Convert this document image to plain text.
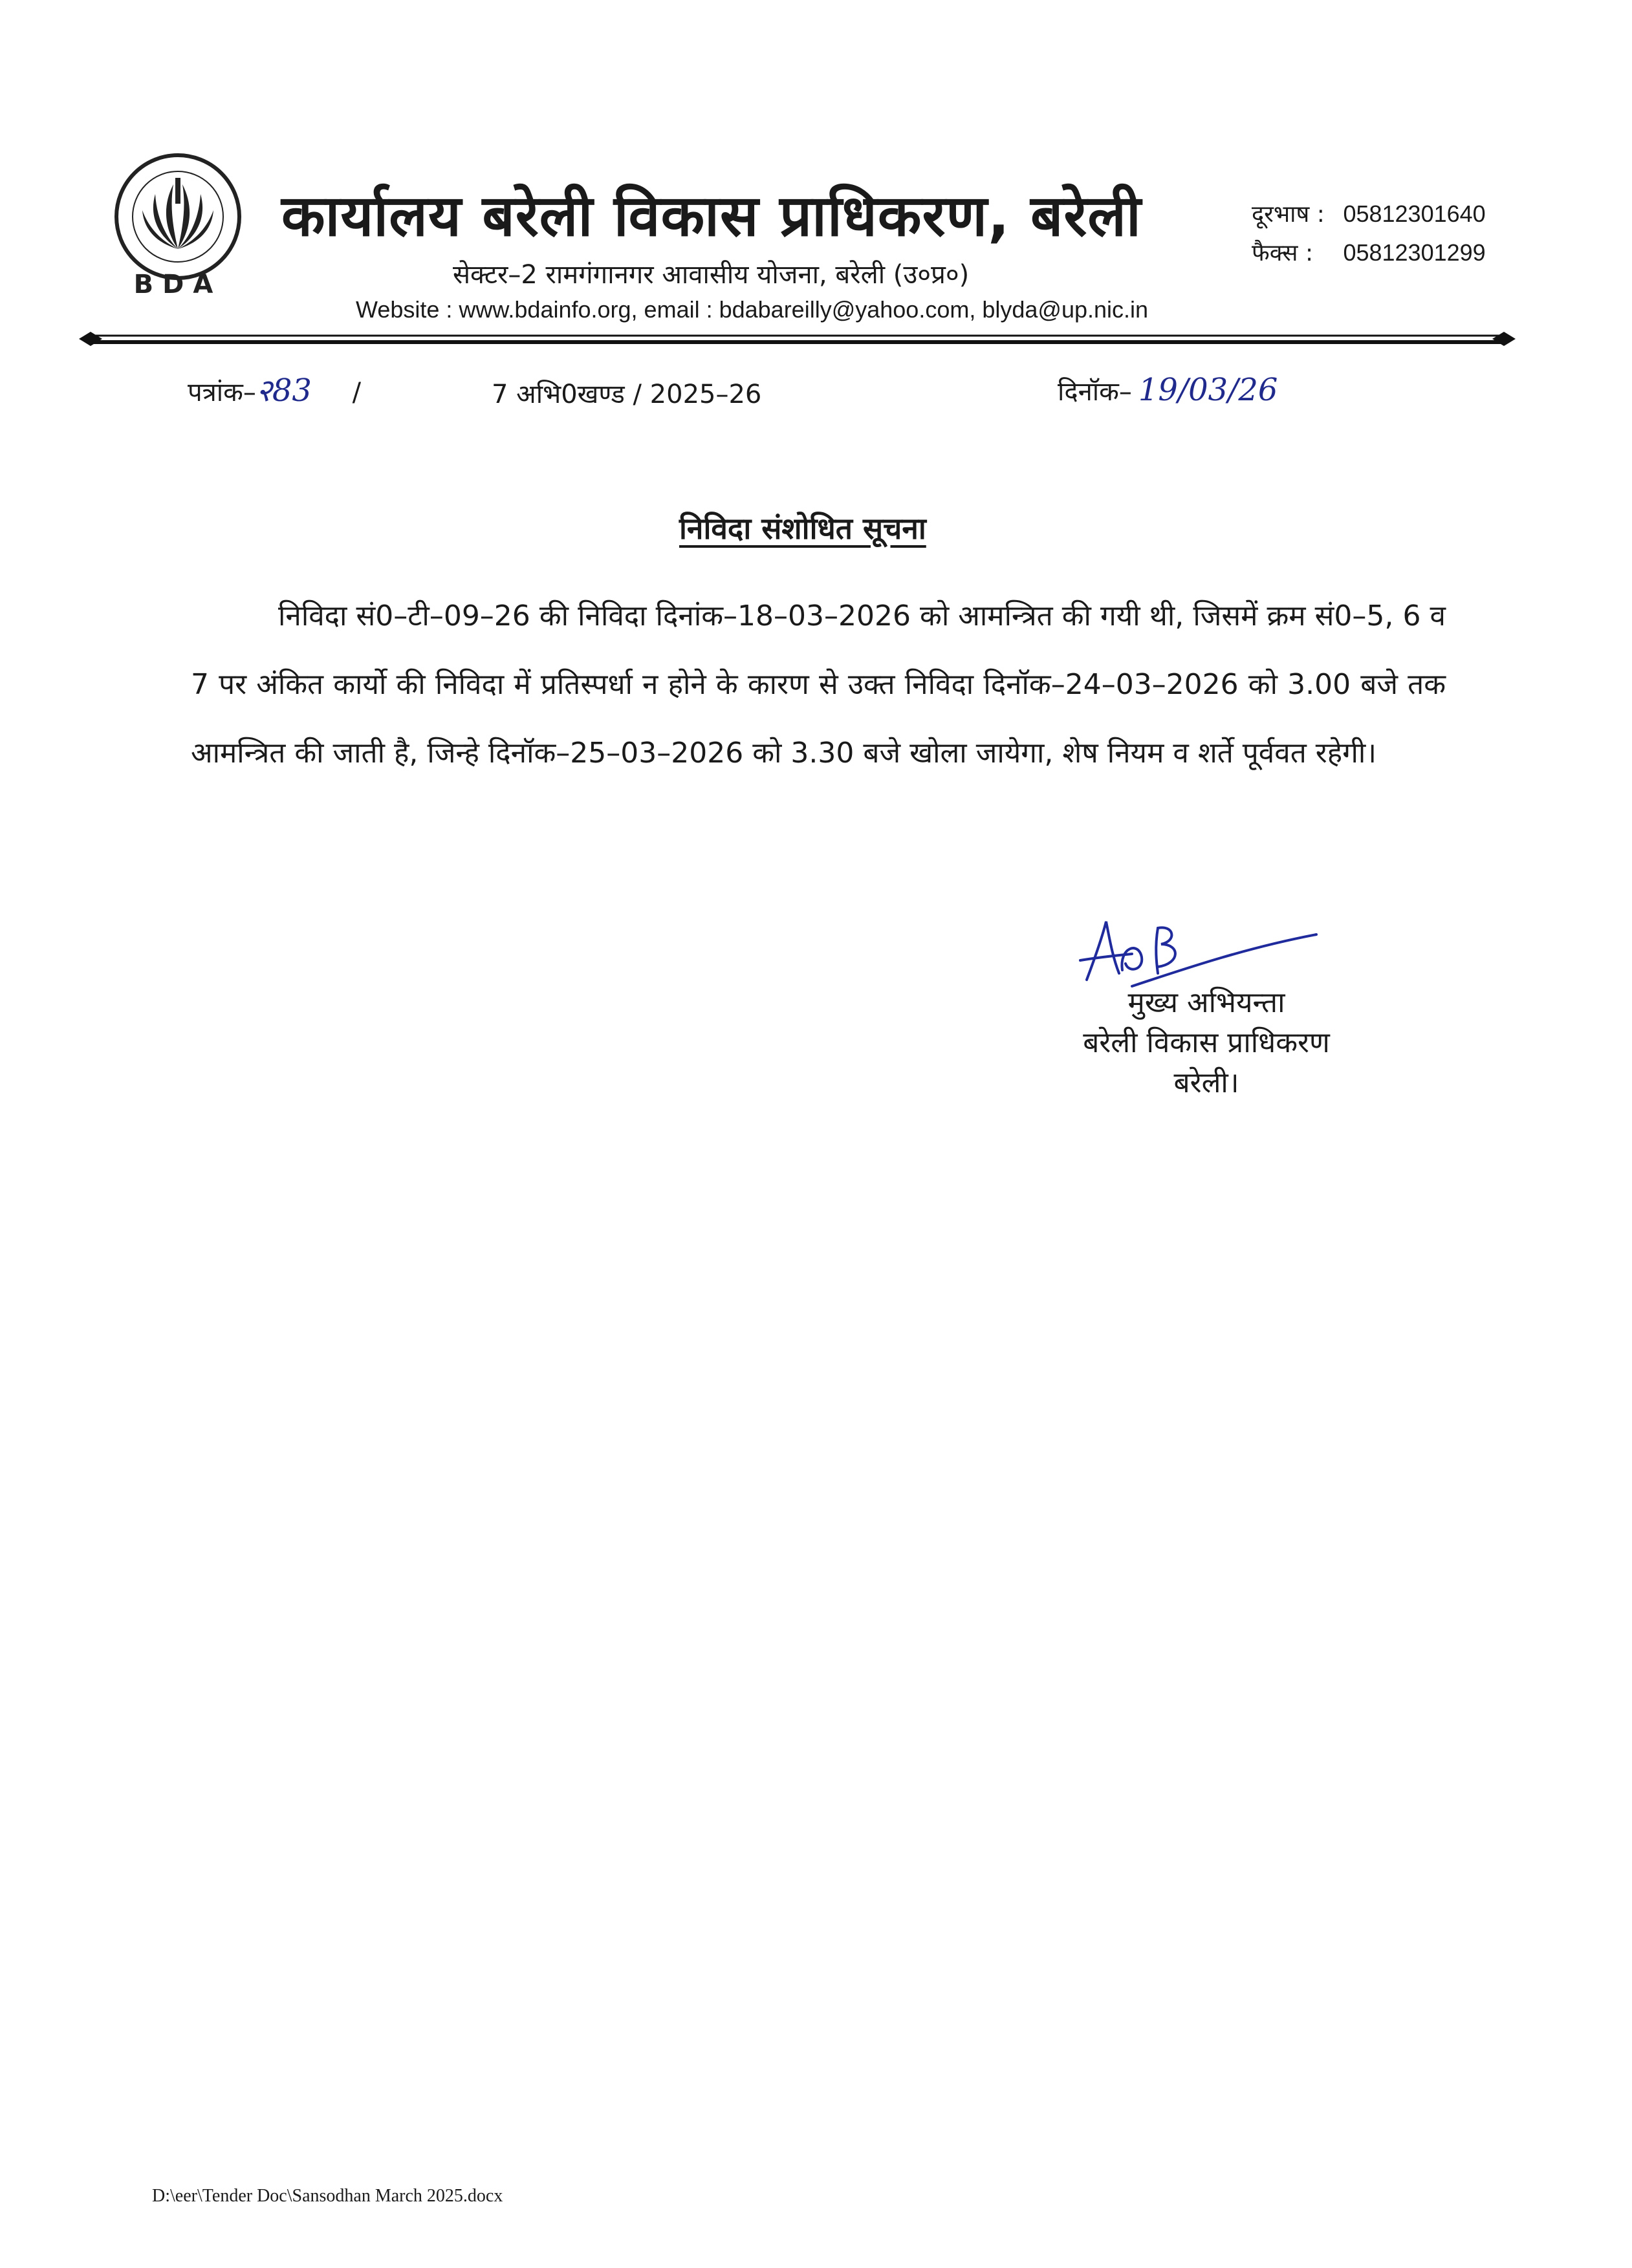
BDA
कार्यालय बरेली विकास प्राधिकरण, बरेली
सेक्टर–2 रामगंगानगर आवासीय योजना, बरेली (उ०प्र०)
Website : www.bdainfo.org, email : bdabareilly@yahoo.com, blyda@up.nic.in
दूरभाष : 05812301640
फैक्स : 05812301299
पत्रांक–२83 /	7 अभि0खण्ड / 2025–26	दिनॉक– 19/03/26
निविदा संशोधित सूचना
निविदा सं0–टी–09–26 की निविदा दिनांक–18–03–2026 को आमन्त्रित की गयी थी, जिसमें क्रम सं0–5, 6 व 7 पर अंकित कार्यो की निविदा में प्रतिस्पर्धा न होने के कारण से उक्त निविदा दिनॉक–24–03–2026 को 3.00 बजे तक आमन्त्रित की जाती है, जिन्हे दिनॉक–25–03–2026 को 3.30 बजे खोला जायेगा, शेष नियम व शर्ते पूर्ववत रहेगी।
मुख्य अभियन्ता
बरेली विकास प्राधिकरण
बरेली।
D:\eer\Tender Doc\Sansodhan March 2025.docx
